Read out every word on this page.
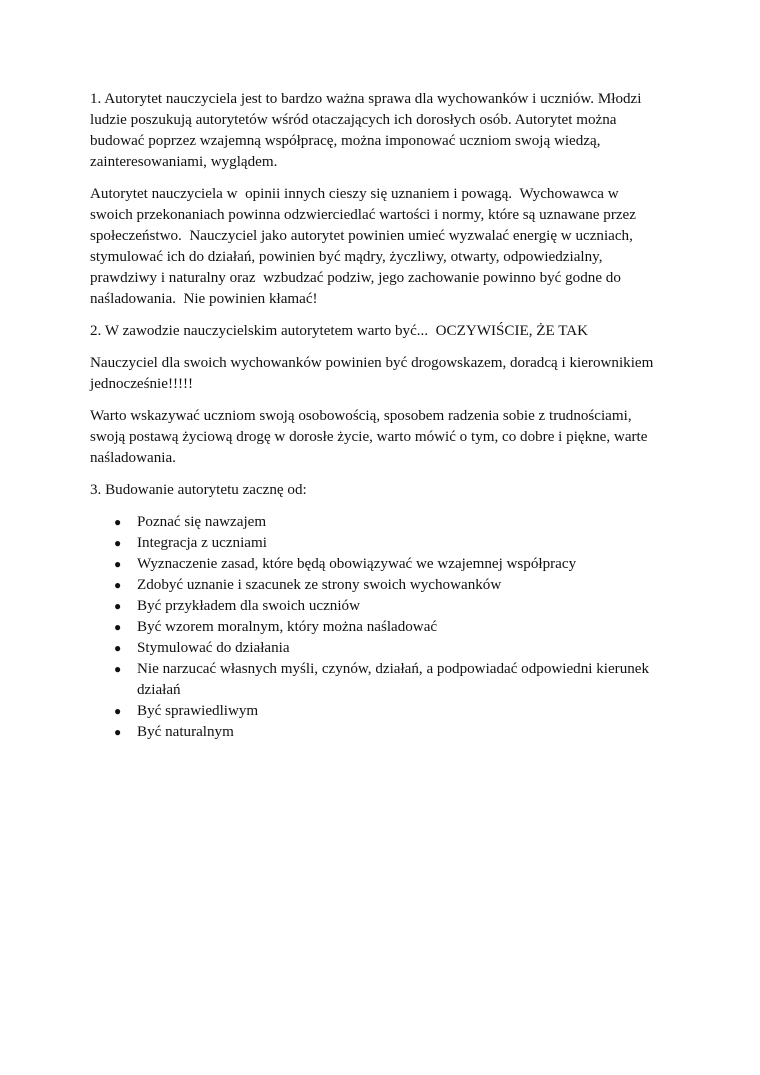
1. Autorytet nauczyciela jest to bardzo ważna sprawa dla wychowanków i uczniów. Młodzi ludzie poszukują autorytetów wśród otaczających ich dorosłych osób. Autorytet można budować poprzez wzajemną współpracę, można imponować uczniom swoją wiedzą, zainteresowaniami, wyglądem.

Autorytet nauczyciela w  opinii innych cieszy się uznaniem i powagą.  Wychowawca w swoich przekonaniach powinna odzwierciedlać wartości i normy, które są uznawane przez społeczeństwo.  Nauczyciel jako autorytet powinien umieć wyzwalać energię w uczniach, stymulować ich do działań, powinien być mądry, życzliwy, otwarty, odpowiedzialny, prawdziwy i naturalny oraz  wzbudzać podziw, jego zachowanie powinno być godne do naśladowania.  Nie powinien kłamać!

2. W zawodzie nauczycielskim autorytetem warto być...  OCZYWIŚCIE, ŻE TAK

Nauczyciel dla swoich wychowanków powinien być drogowskazem, doradcą i kierownikiem jednocześnie!!!!!

Warto wskazywać uczniom swoją osobowością, sposobem radzenia sobie z trudnościami, swoją postawą życiową drogę w dorosłe życie, warto mówić o tym, co dobre i piękne, warte naśladowania.

3. Budowanie autorytetu zacznę od:

● Poznać się nawzajem
● Integracja z uczniami
● Wyznaczenie zasad, które będą obowiązywać we wzajemnej współpracy
● Zdobyć uznanie i szacunek ze strony swoich wychowanków
● Być przykładem dla swoich uczniów
● Być wzorem moralnym, który można naśladować
● Stymulować do działania
● Nie narzucać własnych myśli, czynów, działań, a podpowiadać odpowiedni kierunek działań
● Być sprawiedliwym
● Być naturalnym
